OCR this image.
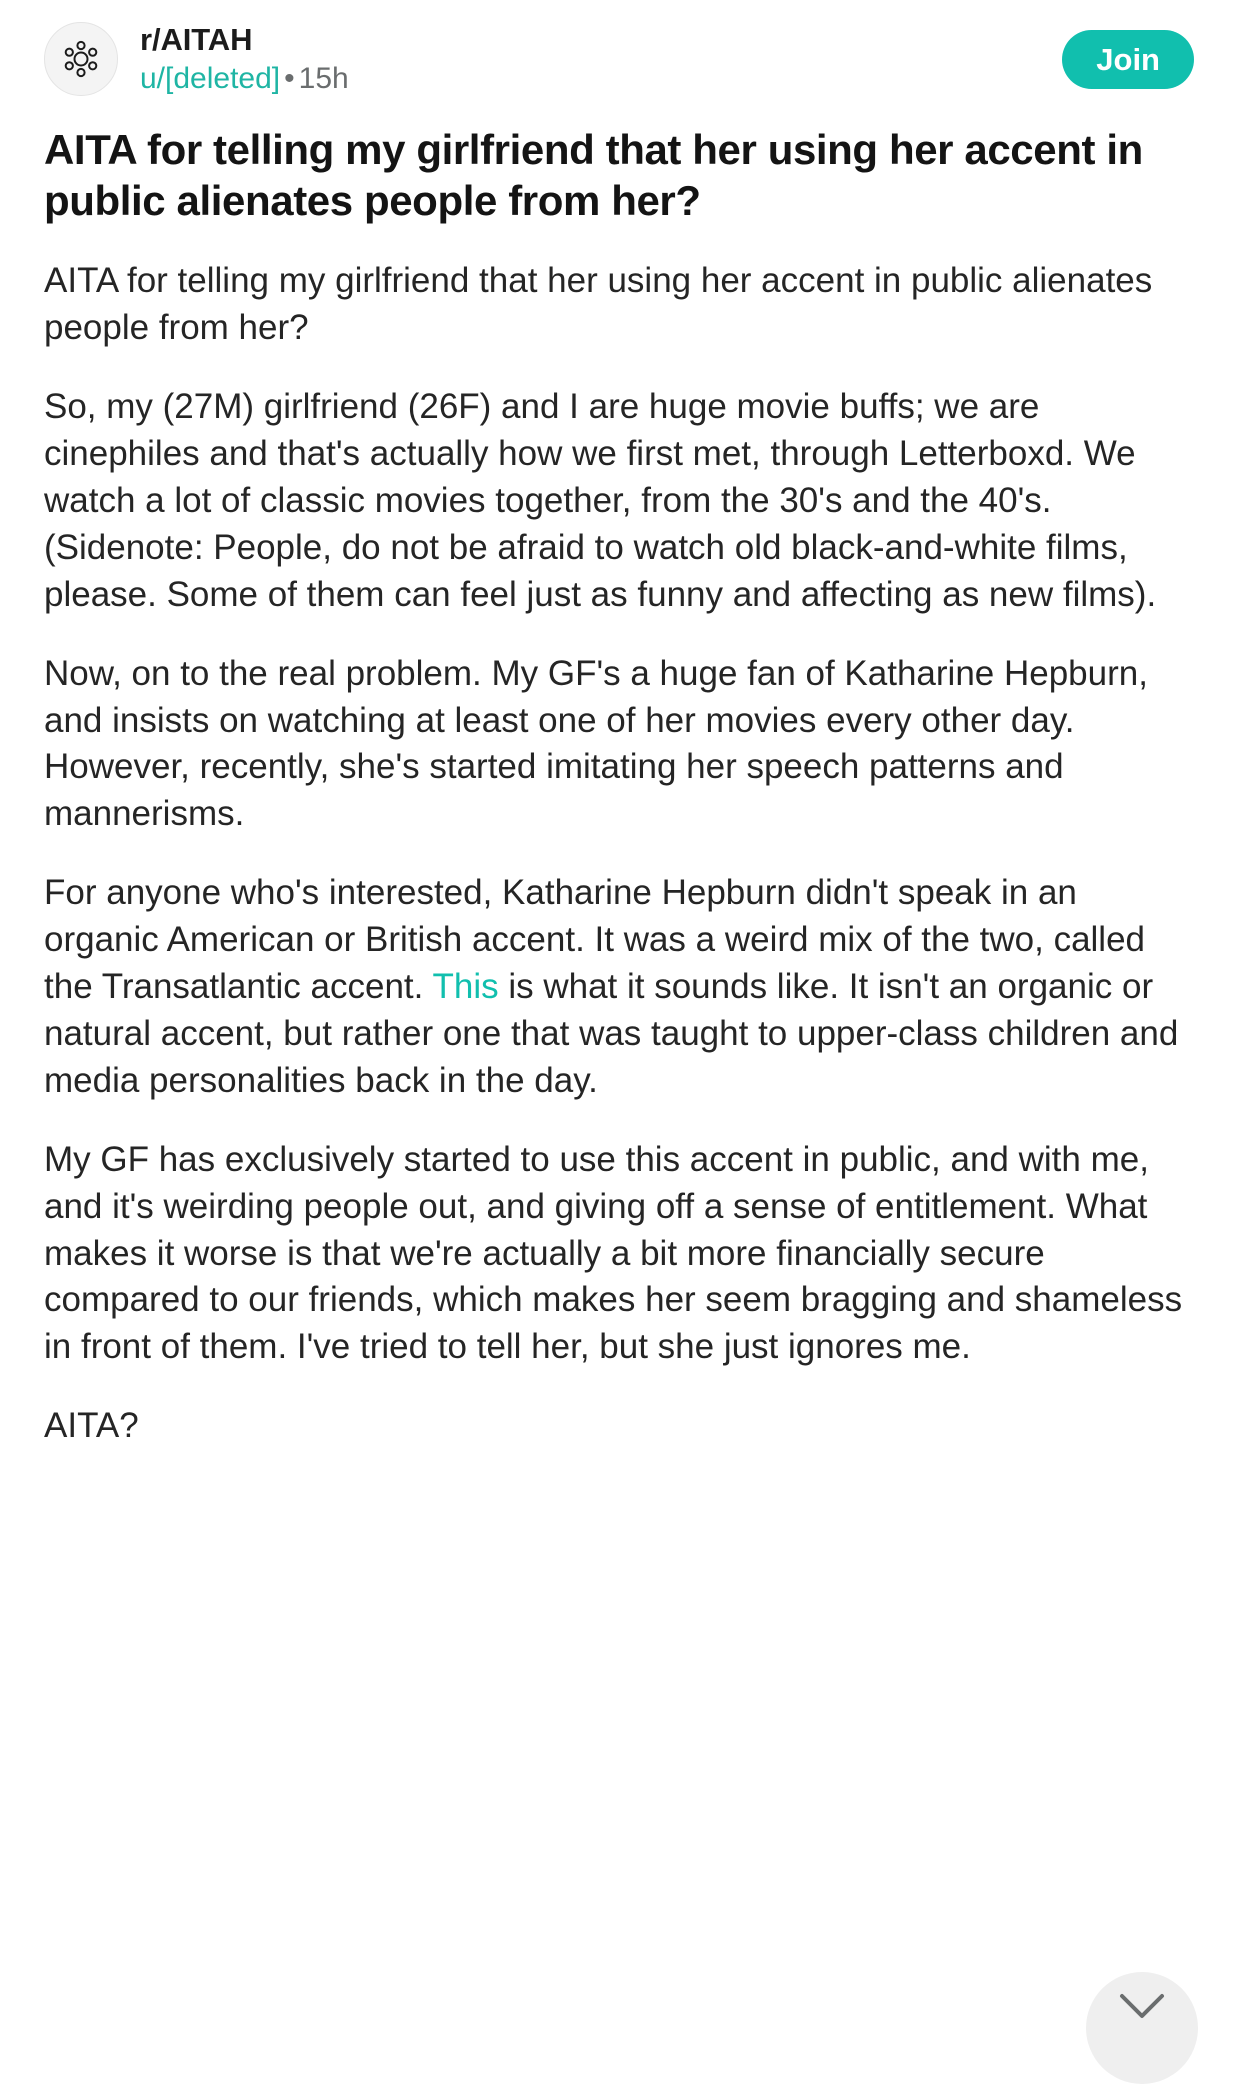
r/AITAH
u/[deleted] • 15h
Join
AITA for telling my girlfriend that her using her accent in public alienates people from her?

AITA for telling my girlfriend that her using her accent in public alienates people from her?

So, my (27M) girlfriend (26F) and I are huge movie buffs; we are cinephiles and that's actually how we first met, through Letterboxd. We watch a lot of classic movies together, from the 30's and the 40's. (Sidenote: People, do not be afraid to watch old black-and-white films, please. Some of them can feel just as funny and affecting as new films).

Now, on to the real problem. My GF's a huge fan of Katharine Hepburn, and insists on watching at least one of her movies every other day. However, recently, she's started imitating her speech patterns and mannerisms.

For anyone who's interested, Katharine Hepburn didn't speak in an organic American or British accent. It was a weird mix of the two, called the Transatlantic accent. This is what it sounds like. It isn't an organic or natural accent, but rather one that was taught to upper-class children and media personalities back in the day.

My GF has exclusively started to use this accent in public, and with me, and it's weirding people out, and giving off a sense of entitlement. What makes it worse is that we're actually a bit more financially secure compared to our friends, which makes her seem bragging and shameless in front of them. I've tried to tell her, but she just ignores me.

AITA?
